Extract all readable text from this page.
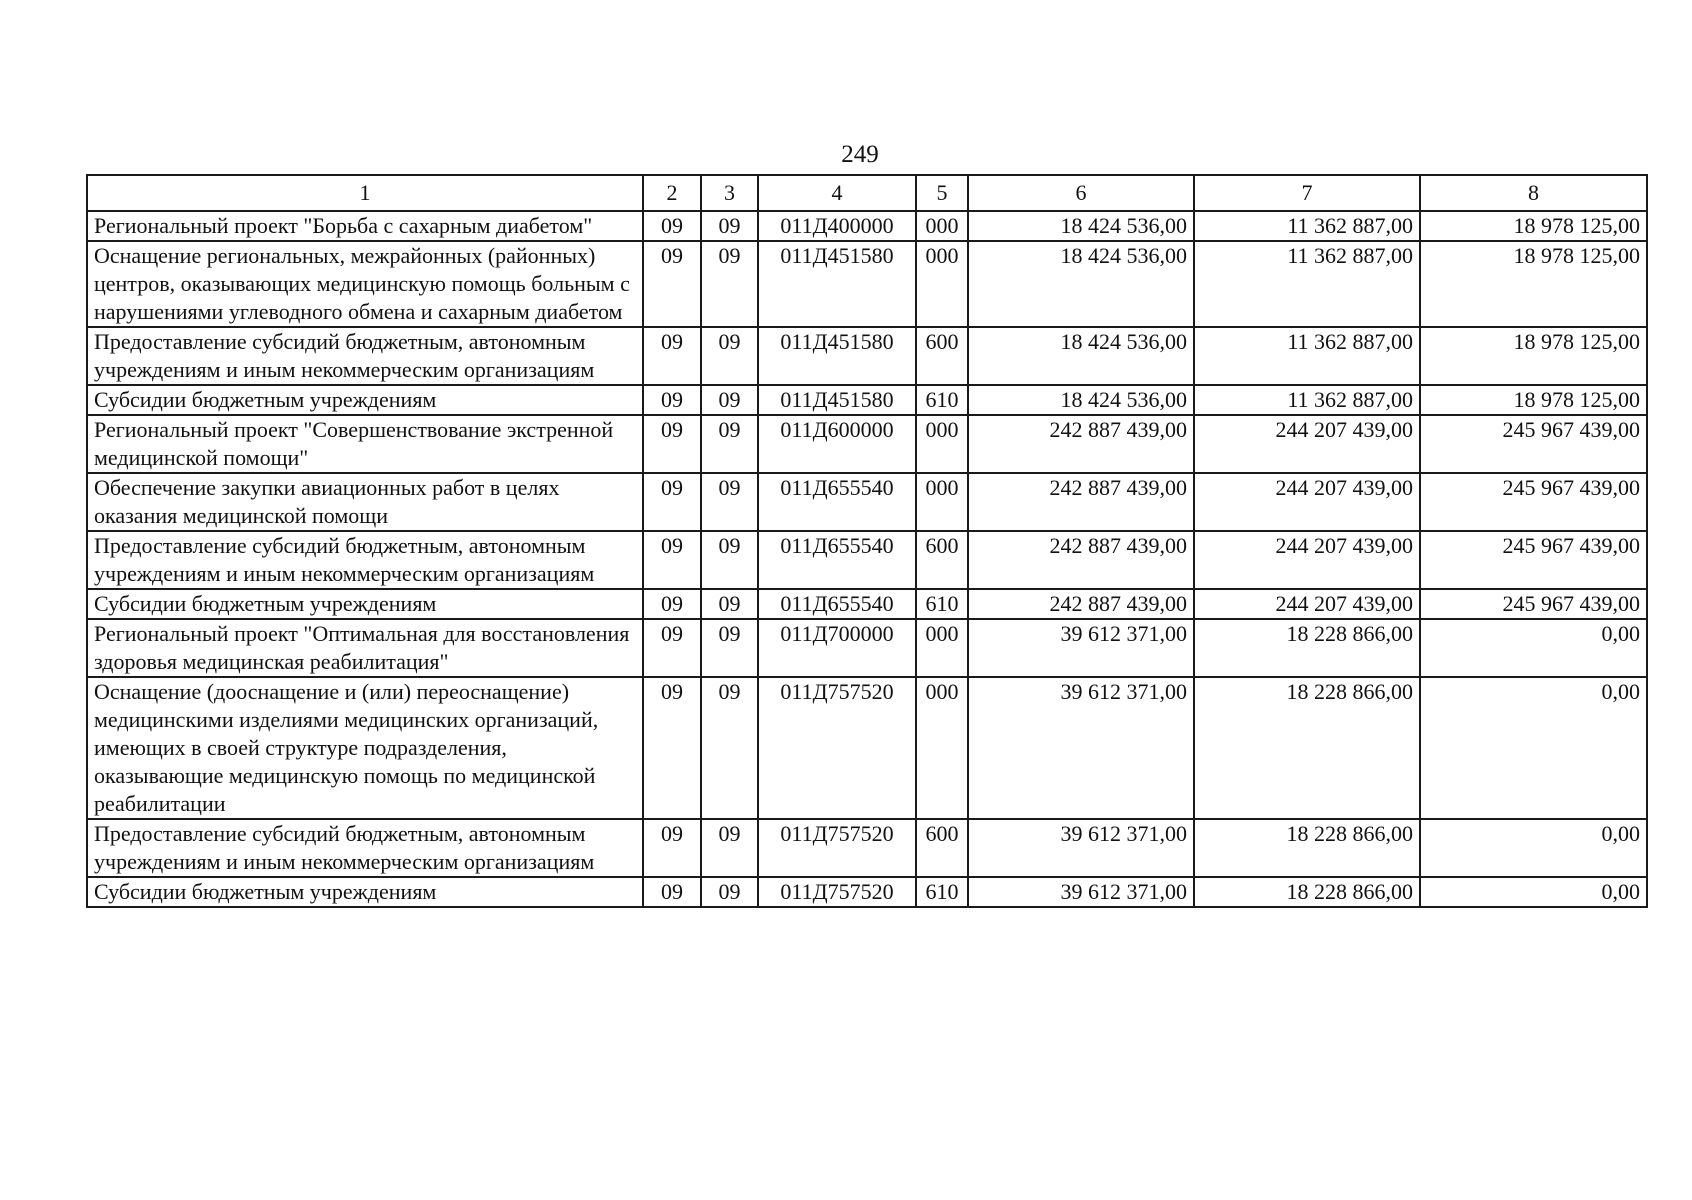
249
1	2	3	4	5	6	7	8
Региональный проект "Борьба с сахарным диабетом"	09	09	011Д400000	000	18 424 536,00	11 362 887,00	18 978 125,00
Оснащение региональных, межрайонных (районных) центров, оказывающих медицинскую помощь больным с нарушениями углеводного обмена и сахарным диабетом	09	09	011Д451580	000	18 424 536,00	11 362 887,00	18 978 125,00
Предоставление субсидий бюджетным, автономным учреждениям и иным некоммерческим организациям	09	09	011Д451580	600	18 424 536,00	11 362 887,00	18 978 125,00
Субсидии бюджетным учреждениям	09	09	011Д451580	610	18 424 536,00	11 362 887,00	18 978 125,00
Региональный проект "Совершенствование экстренной медицинской помощи"	09	09	011Д600000	000	242 887 439,00	244 207 439,00	245 967 439,00
Обеспечение закупки авиационных работ в целях оказания медицинской помощи	09	09	011Д655540	000	242 887 439,00	244 207 439,00	245 967 439,00
Предоставление субсидий бюджетным, автономным учреждениям и иным некоммерческим организациям	09	09	011Д655540	600	242 887 439,00	244 207 439,00	245 967 439,00
Субсидии бюджетным учреждениям	09	09	011Д655540	610	242 887 439,00	244 207 439,00	245 967 439,00
Региональный проект "Оптимальная для восстановления здоровья медицинская реабилитация"	09	09	011Д700000	000	39 612 371,00	18 228 866,00	0,00
Оснащение (дооснащение и (или) переоснащение) медицинскими изделиями медицинских организаций, имеющих в своей структуре подразделения, оказывающие медицинскую помощь по медицинской реабилитации	09	09	011Д757520	000	39 612 371,00	18 228 866,00	0,00
Предоставление субсидий бюджетным, автономным учреждениям и иным некоммерческим организациям	09	09	011Д757520	600	39 612 371,00	18 228 866,00	0,00
Субсидии бюджетным учреждениям	09	09	011Д757520	610	39 612 371,00	18 228 866,00	0,00
